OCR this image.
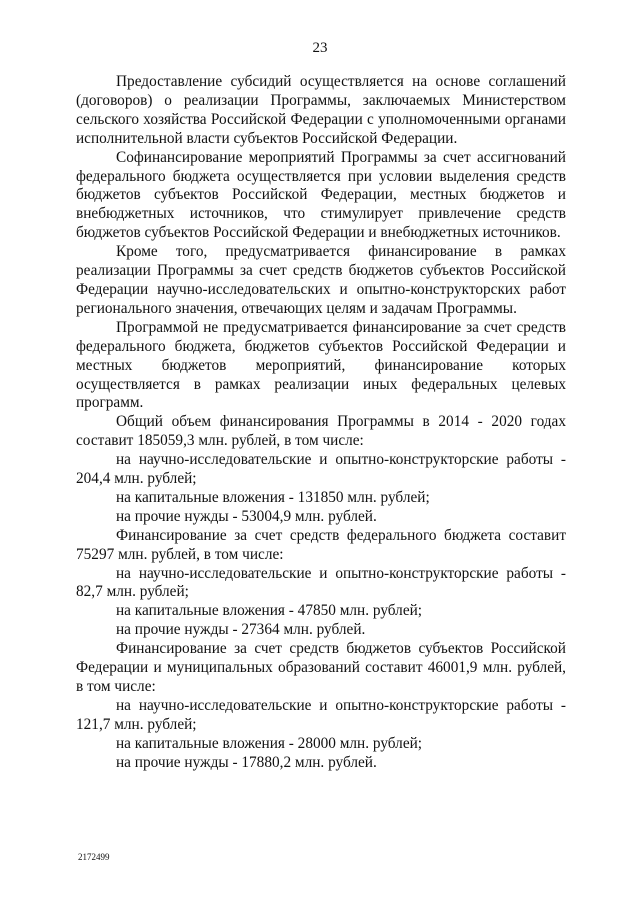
23

Предоставление субсидий осуществляется на основе соглашений (договоров) о реализации Программы, заключаемых Министерством сельского хозяйства Российской Федерации с уполномоченными органами исполнительной власти субъектов Российской Федерации.

Софинансирование мероприятий Программы за счет ассигнований федерального бюджета осуществляется при условии выделения средств бюджетов субъектов Российской Федерации, местных бюджетов и внебюджетных источников, что стимулирует привлечение средств бюджетов субъектов Российской Федерации и внебюджетных источников.

Кроме того, предусматривается финансирование в рамках реализации Программы за счет средств бюджетов субъектов Российской Федерации научно-исследовательских и опытно-конструкторских работ регионального значения, отвечающих целям и задачам Программы.

Программой не предусматривается финансирование за счет средств федерального бюджета, бюджетов субъектов Российской Федерации и местных бюджетов мероприятий, финансирование которых осуществляется в рамках реализации иных федеральных целевых программ.

Общий объем финансирования Программы в 2014 - 2020 годах составит 185059,3 млн. рублей, в том числе:

на научно-исследовательские и опытно-конструкторские работы - 204,4 млн. рублей;

на капитальные вложения - 131850 млн. рублей;

на прочие нужды - 53004,9 млн. рублей.

Финансирование за счет средств федерального бюджета составит 75297 млн. рублей, в том числе:

на научно-исследовательские и опытно-конструкторские работы - 82,7 млн. рублей;

на капитальные вложения - 47850 млн. рублей;

на прочие нужды - 27364 млн. рублей.

Финансирование за счет средств бюджетов субъектов Российской Федерации и муниципальных образований составит 46001,9 млн. рублей, в том числе:

на научно-исследовательские и опытно-конструкторские работы - 121,7 млн. рублей;

на капитальные вложения - 28000 млн. рублей;

на прочие нужды - 17880,2 млн. рублей.

2172499
